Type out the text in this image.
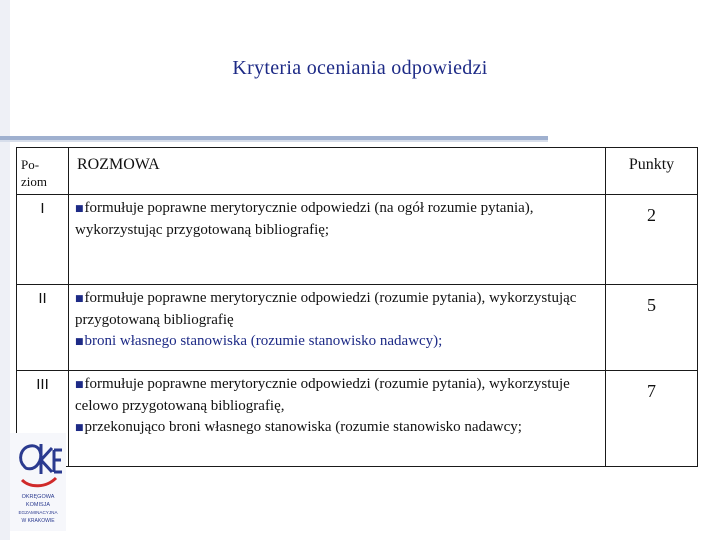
Kryteria oceniania odpowiedzi
Po-
ziom	ROZMOWA	Punkty
I	■formułuje poprawne merytorycznie odpowiedzi (na ogół rozumie pytania), wykorzystując przygotowaną bibliografię;	2
II	■formułuje poprawne merytorycznie odpowiedzi (rozumie pytania), wykorzystując przygotowaną bibliografię
■broni własnego stanowiska (rozumie stanowisko nadawcy);	5
III	■formułuje poprawne merytorycznie odpowiedzi (rozumie pytania), wykorzystuje celowo przygotowaną bibliografię,
■przekonująco broni własnego stanowiska (rozumie stanowisko nadawcy;	7
OKRĘGOWA
KOMISJA
EGZAMINACYJNA
W KRAKOWIE
